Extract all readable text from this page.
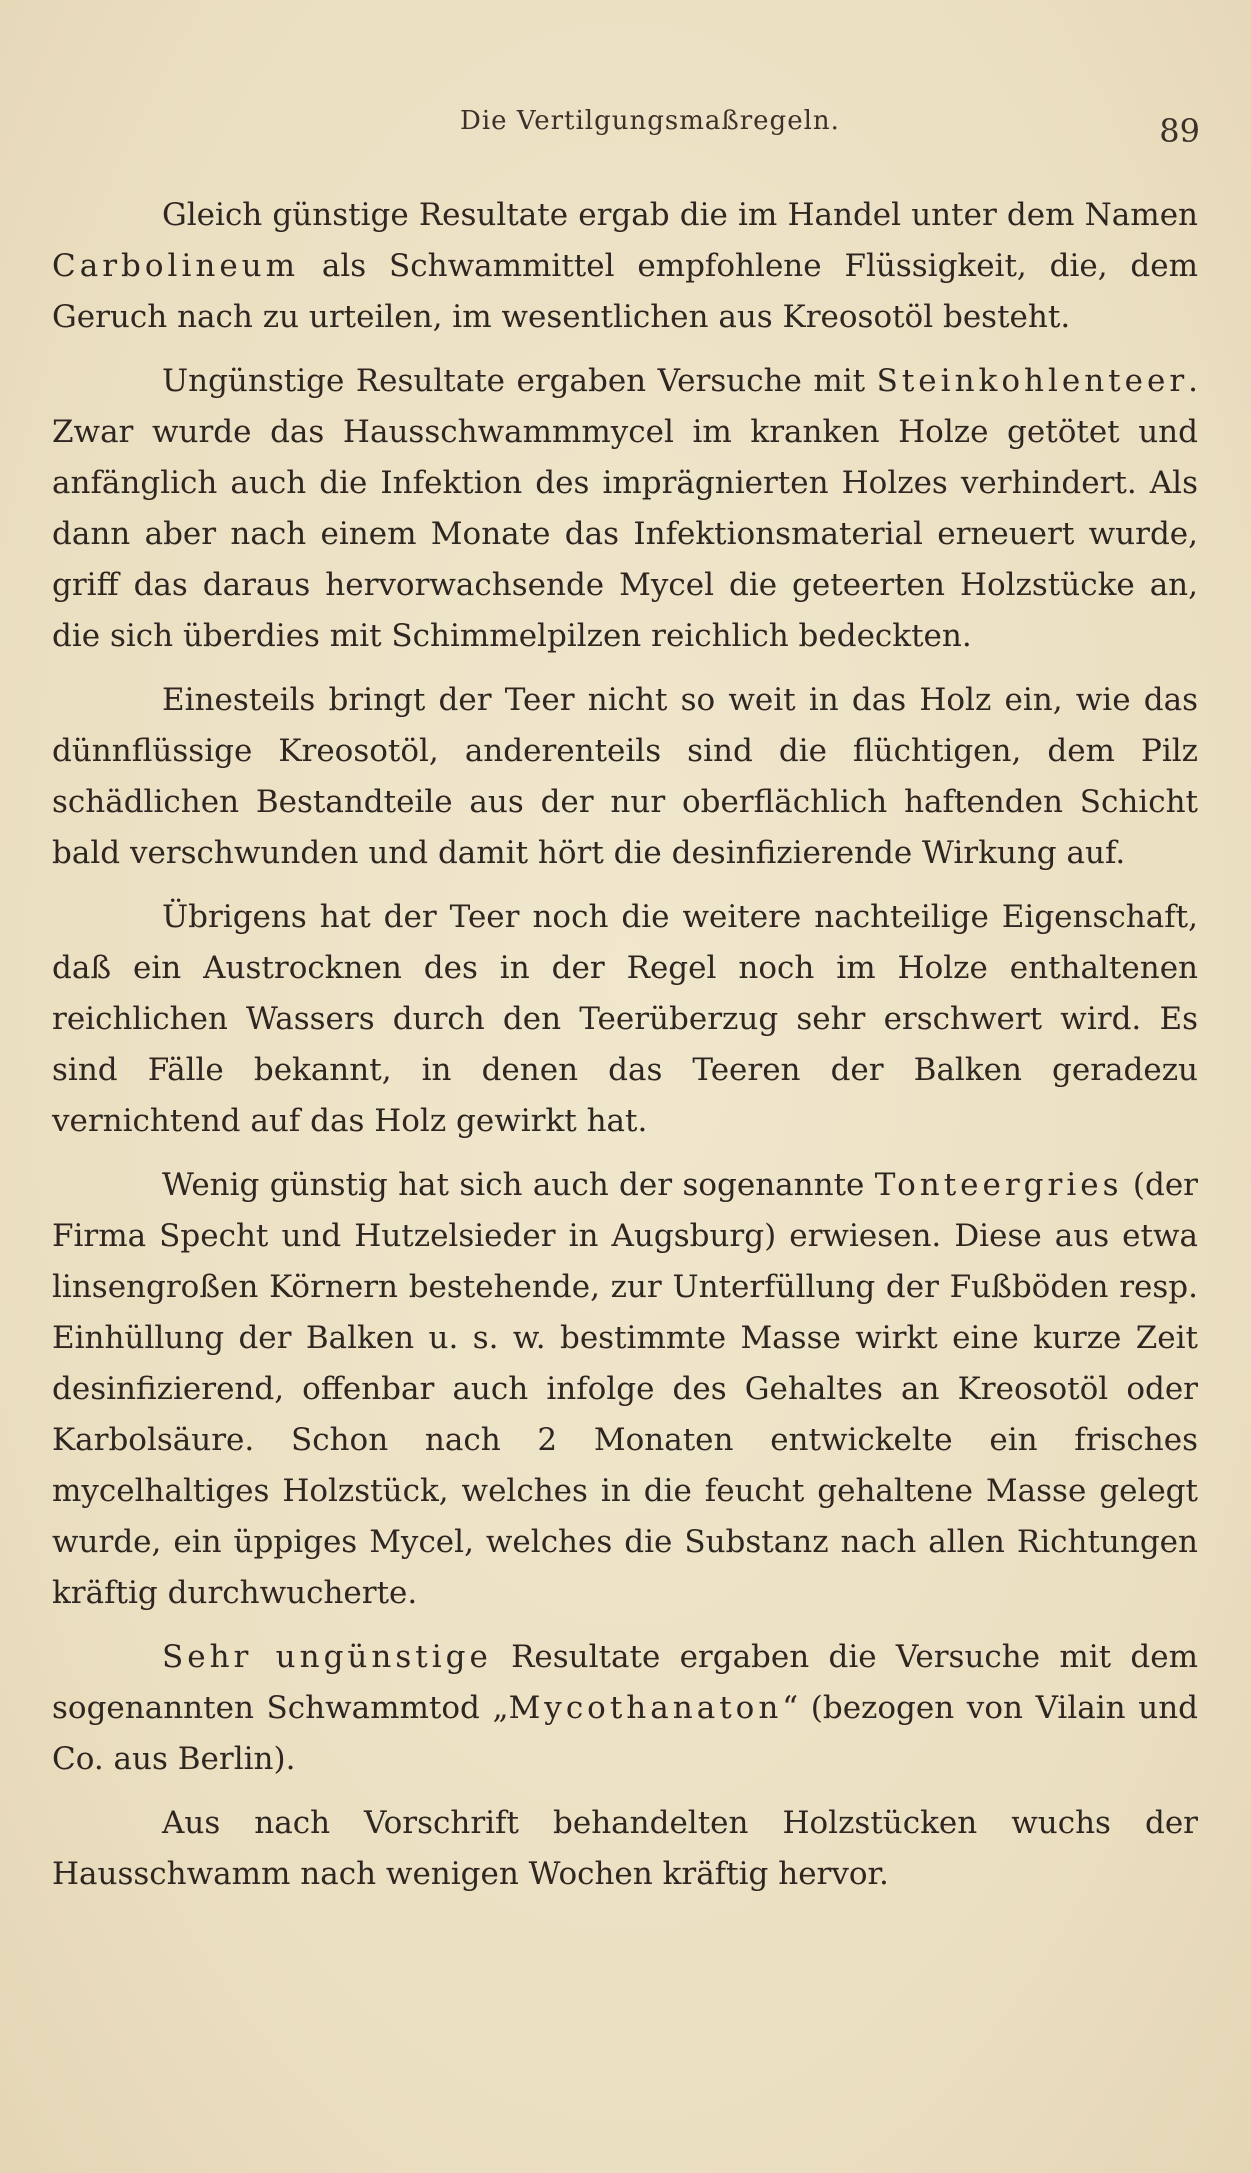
Die Vertilgungsmaßregeln.	89

Gleich günstige Resultate ergab die im Handel unter dem Namen Carbolineum als Schwammittel empfohlene Flüssigkeit, die, dem Geruch nach zu urteilen, im wesentlichen aus Kreosotöl besteht.

Ungünstige Resultate ergaben Versuche mit Steinkohlenteer. Zwar wurde das Hausschwammmycel im kranken Holze getötet und anfänglich auch die Infektion des imprägnierten Holzes verhindert. Als dann aber nach einem Monate das Infektionsmaterial erneuert wurde, griff das daraus hervorwachsende Mycel die geteerten Holzstücke an, die sich überdies mit Schimmelpilzen reichlich bedeckten.

Einesteils bringt der Teer nicht so weit in das Holz ein, wie das dünnflüssige Kreosotöl, anderenteils sind die flüchtigen, dem Pilz schädlichen Bestandteile aus der nur oberflächlich haftenden Schicht bald verschwunden und damit hört die desinfizierende Wirkung auf.

Übrigens hat der Teer noch die weitere nachteilige Eigenschaft, daß ein Austrocknen des in der Regel noch im Holze enthaltenen reichlichen Wassers durch den Teerüberzug sehr erschwert wird. Es sind Fälle bekannt, in denen das Teeren der Balken geradezu vernichtend auf das Holz gewirkt hat.

Wenig günstig hat sich auch der sogenannte Tonteergries (der Firma Specht und Hutzelsieder in Augsburg) erwiesen. Diese aus etwa linsengroßen Körnern bestehende, zur Unterfüllung der Fußböden resp. Einhüllung der Balken u. s. w. bestimmte Masse wirkt eine kurze Zeit desinfizierend, offenbar auch infolge des Gehaltes an Kreosotöl oder Karbolsäure. Schon nach 2 Monaten entwickelte ein frisches mycelhaltiges Holzstück, welches in die feucht gehaltene Masse gelegt wurde, ein üppiges Mycel, welches die Substanz nach allen Richtungen kräftig durchwucherte.

Sehr ungünstige Resultate ergaben die Versuche mit dem sogenannten Schwammtod „Mycothanaton“ (bezogen von Vilain und Co. aus Berlin).

Aus nach Vorschrift behandelten Holzstücken wuchs der Hausschwamm nach wenigen Wochen kräftig hervor.
